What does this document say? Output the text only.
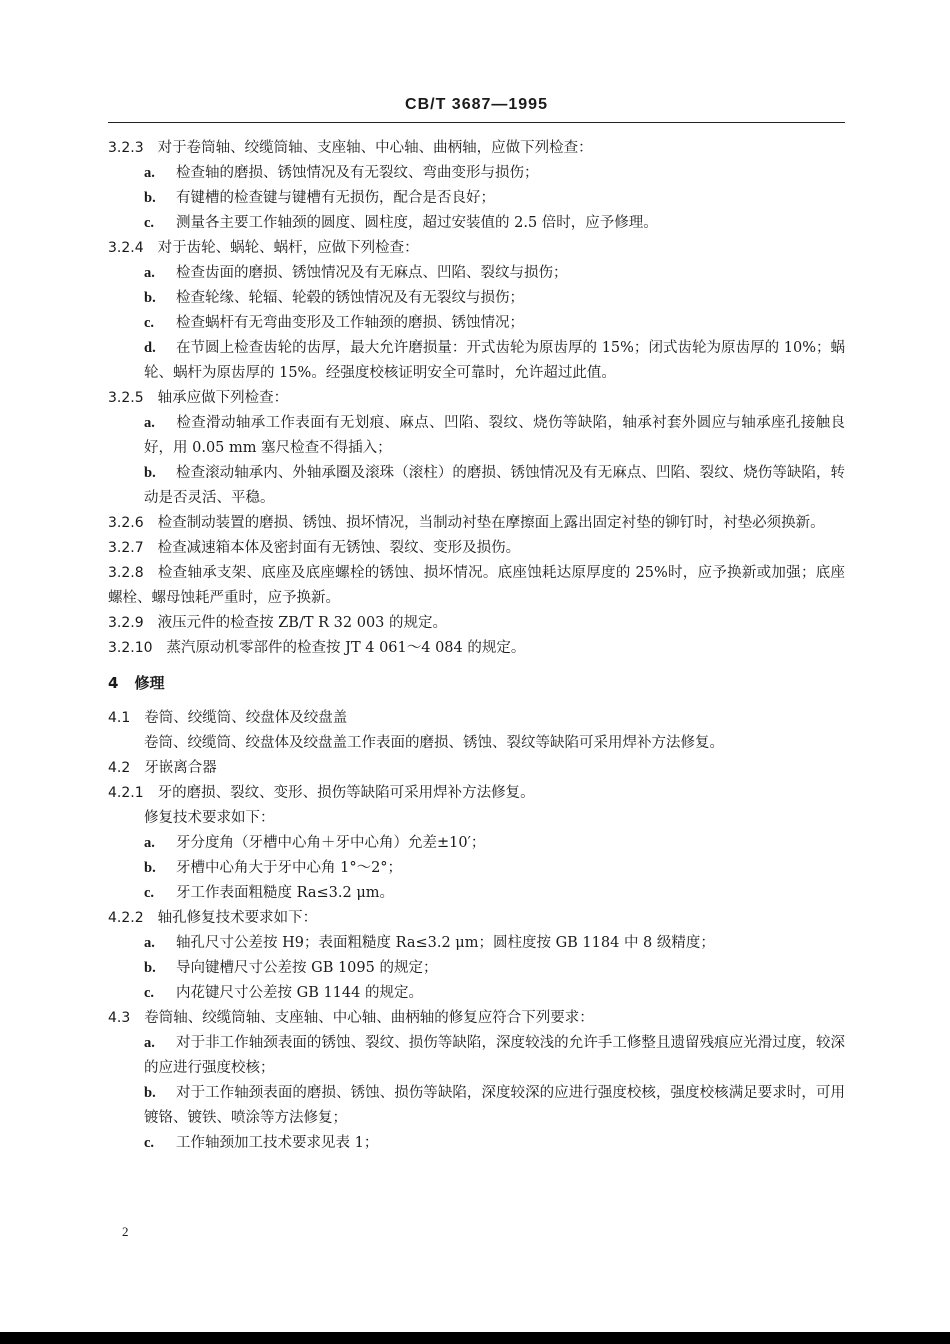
CB/T 3687—1995
3.2.3 对于卷筒轴、绞缆筒轴、支座轴、中心轴、曲柄轴，应做下列检查：
a. 检查轴的磨损、锈蚀情况及有无裂纹、弯曲变形与损伤；
b. 有键槽的检查键与键槽有无损伤，配合是否良好；
c. 测量各主要工作轴颈的圆度、圆柱度，超过安装值的 2.5 倍时，应予修理。
3.2.4 对于齿轮、蜗轮、蜗杆，应做下列检查：
a. 检查齿面的磨损、锈蚀情况及有无麻点、凹陷、裂纹与损伤；
b. 检查轮缘、轮辐、轮毂的锈蚀情况及有无裂纹与损伤；
c. 检查蜗杆有无弯曲变形及工作轴颈的磨损、锈蚀情况；
d. 在节圆上检查齿轮的齿厚，最大允许磨损量：开式齿轮为原齿厚的 15%；闭式齿轮为原齿厚的 10%；蜗轮、蜗杆为原齿厚的 15%。经强度校核证明安全可靠时，允许超过此值。
3.2.5 轴承应做下列检查：
a. 检查滑动轴承工作表面有无划痕、麻点、凹陷、裂纹、烧伤等缺陷，轴承衬套外圆应与轴承座孔接触良好，用 0.05 mm 塞尺检查不得插入；
b. 检查滚动轴承内、外轴承圈及滚珠（滚柱）的磨损、锈蚀情况及有无麻点、凹陷、裂纹、烧伤等缺陷，转动是否灵活、平稳。
3.2.6 检查制动装置的磨损、锈蚀、损坏情况，当制动衬垫在摩擦面上露出固定衬垫的铆钉时，衬垫必须换新。
3.2.7 检查减速箱本体及密封面有无锈蚀、裂纹、变形及损伤。
3.2.8 检查轴承支架、底座及底座螺栓的锈蚀、损坏情况。底座蚀耗达原厚度的 25%时，应予换新或加强；底座螺栓、螺母蚀耗严重时，应予换新。
3.2.9 液压元件的检查按 ZB/T R 32 003 的规定。
3.2.10 蒸汽原动机零部件的检查按 JT 4 061～4 084 的规定。
4 修理
4.1 卷筒、绞缆筒、绞盘体及绞盘盖
卷筒、绞缆筒、绞盘体及绞盘盖工作表面的磨损、锈蚀、裂纹等缺陷可采用焊补方法修复。
4.2 牙嵌离合器
4.2.1 牙的磨损、裂纹、变形、损伤等缺陷可采用焊补方法修复。
修复技术要求如下：
a. 牙分度角（牙槽中心角＋牙中心角）允差±10′；
b. 牙槽中心角大于牙中心角 1°～2°；
c. 牙工作表面粗糙度 Ra≤3.2 μm。
4.2.2 轴孔修复技术要求如下：
a. 轴孔尺寸公差按 H9；表面粗糙度 Ra≤3.2 μm；圆柱度按 GB 1184 中 8 级精度；
b. 导向键槽尺寸公差按 GB 1095 的规定；
c. 内花键尺寸公差按 GB 1144 的规定。
4.3 卷筒轴、绞缆筒轴、支座轴、中心轴、曲柄轴的修复应符合下列要求：
a. 对于非工作轴颈表面的锈蚀、裂纹、损伤等缺陷，深度较浅的允许手工修整且遗留残痕应光滑过度，较深的应进行强度校核；
b. 对于工作轴颈表面的磨损、锈蚀、损伤等缺陷，深度较深的应进行强度校核，强度校核满足要求时，可用镀铬、镀铁、喷涂等方法修复；
c. 工作轴颈加工技术要求见表 1；
2
